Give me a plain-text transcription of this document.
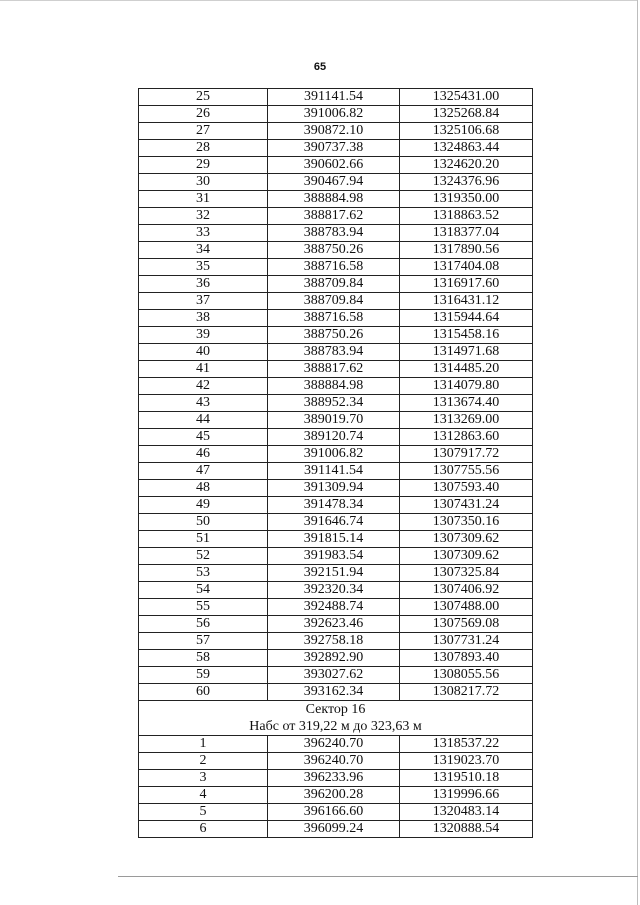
65
25	391141.54	1325431.00
26	391006.82	1325268.84
27	390872.10	1325106.68
28	390737.38	1324863.44
29	390602.66	1324620.20
30	390467.94	1324376.96
31	388884.98	1319350.00
32	388817.62	1318863.52
33	388783.94	1318377.04
34	388750.26	1317890.56
35	388716.58	1317404.08
36	388709.84	1316917.60
37	388709.84	1316431.12
38	388716.58	1315944.64
39	388750.26	1315458.16
40	388783.94	1314971.68
41	388817.62	1314485.20
42	388884.98	1314079.80
43	388952.34	1313674.40
44	389019.70	1313269.00
45	389120.74	1312863.60
46	391006.82	1307917.72
47	391141.54	1307755.56
48	391309.94	1307593.40
49	391478.34	1307431.24
50	391646.74	1307350.16
51	391815.14	1307309.62
52	391983.54	1307309.62
53	392151.94	1307325.84
54	392320.34	1307406.92
55	392488.74	1307488.00
56	392623.46	1307569.08
57	392758.18	1307731.24
58	392892.90	1307893.40
59	393027.62	1308055.56
60	393162.34	1308217.72

Сектор 16
Набс от 319,22 м до 323,63 м		

1	396240.70	1318537.22
2	396240.70	1319023.70
3	396233.96	1319510.18
4	396200.28	1319996.66
5	396166.60	1320483.14
6	396099.24	1320888.54
